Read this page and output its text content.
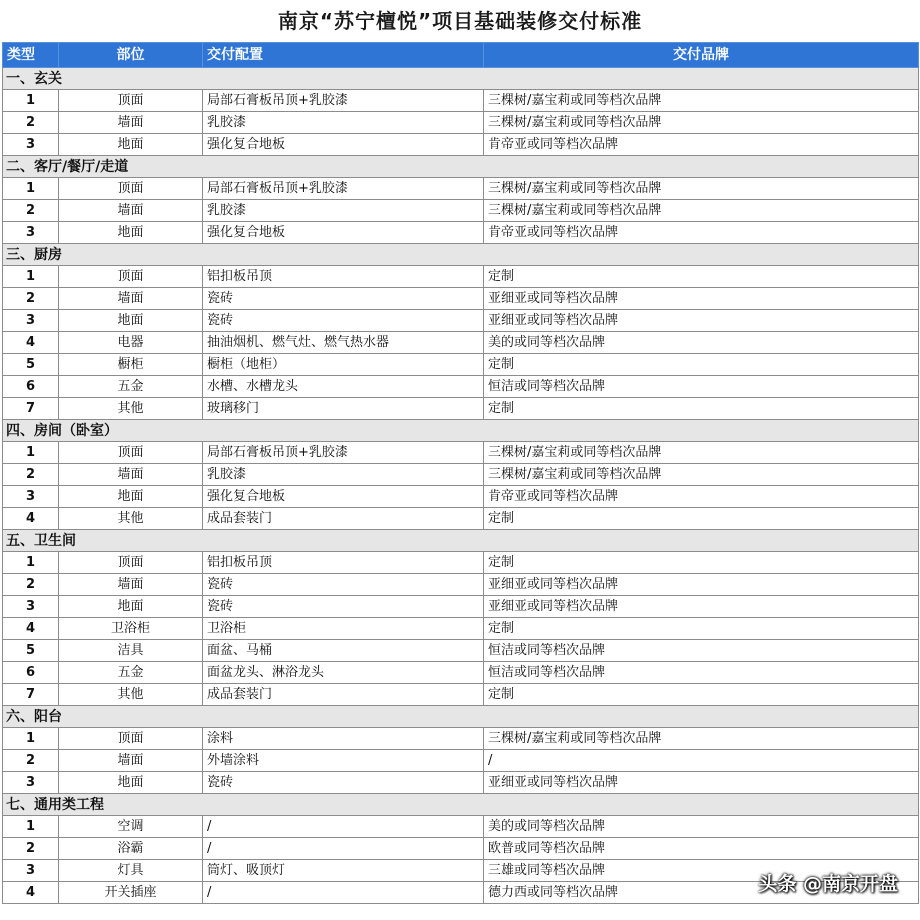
南京“苏宁檀悦”项目基础装修交付标准
类型	部位	交付配置	交付品牌
一、玄关			
1	顶面	局部石膏板吊顶+乳胶漆	三棵树/嘉宝莉或同等档次品牌
2	墙面	乳胶漆	三棵树/嘉宝莉或同等档次品牌
3	地面	强化复合地板	肯帝亚或同等档次品牌
二、客厅/餐厅/走道			
1	顶面	局部石膏板吊顶+乳胶漆	三棵树/嘉宝莉或同等档次品牌
2	墙面	乳胶漆	三棵树/嘉宝莉或同等档次品牌
3	地面	强化复合地板	肯帝亚或同等档次品牌
三、厨房			
1	顶面	铝扣板吊顶	定制
2	墙面	瓷砖	亚细亚或同等档次品牌
3	地面	瓷砖	亚细亚或同等档次品牌
4	电器	抽油烟机、燃气灶、燃气热水器	美的或同等档次品牌
5	橱柜	橱柜（地柜）	定制
6	五金	水槽、水槽龙头	恒洁或同等档次品牌
7	其他	玻璃移门	定制
四、房间（卧室）			
1	顶面	局部石膏板吊顶+乳胶漆	三棵树/嘉宝莉或同等档次品牌
2	墙面	乳胶漆	三棵树/嘉宝莉或同等档次品牌
3	地面	强化复合地板	肯帝亚或同等档次品牌
4	其他	成品套装门	定制
五、卫生间			
1	顶面	铝扣板吊顶	定制
2	墙面	瓷砖	亚细亚或同等档次品牌
3	地面	瓷砖	亚细亚或同等档次品牌
4	卫浴柜	卫浴柜	定制
5	洁具	面盆、马桶	恒洁或同等档次品牌
6	五金	面盆龙头、淋浴龙头	恒洁或同等档次品牌
7	其他	成品套装门	定制
六、阳台			
1	顶面	涂料	三棵树/嘉宝莉或同等档次品牌
2	墙面	外墙涂料	/
3	地面	瓷砖	亚细亚或同等档次品牌
七、通用类工程			
1	空调	/	美的或同等档次品牌
2	浴霸	/	欧普或同等档次品牌
3	灯具	筒灯、吸顶灯	三雄或同等档次品牌
4	开关插座	/	德力西或同等档次品牌	头条 @南京开盘
